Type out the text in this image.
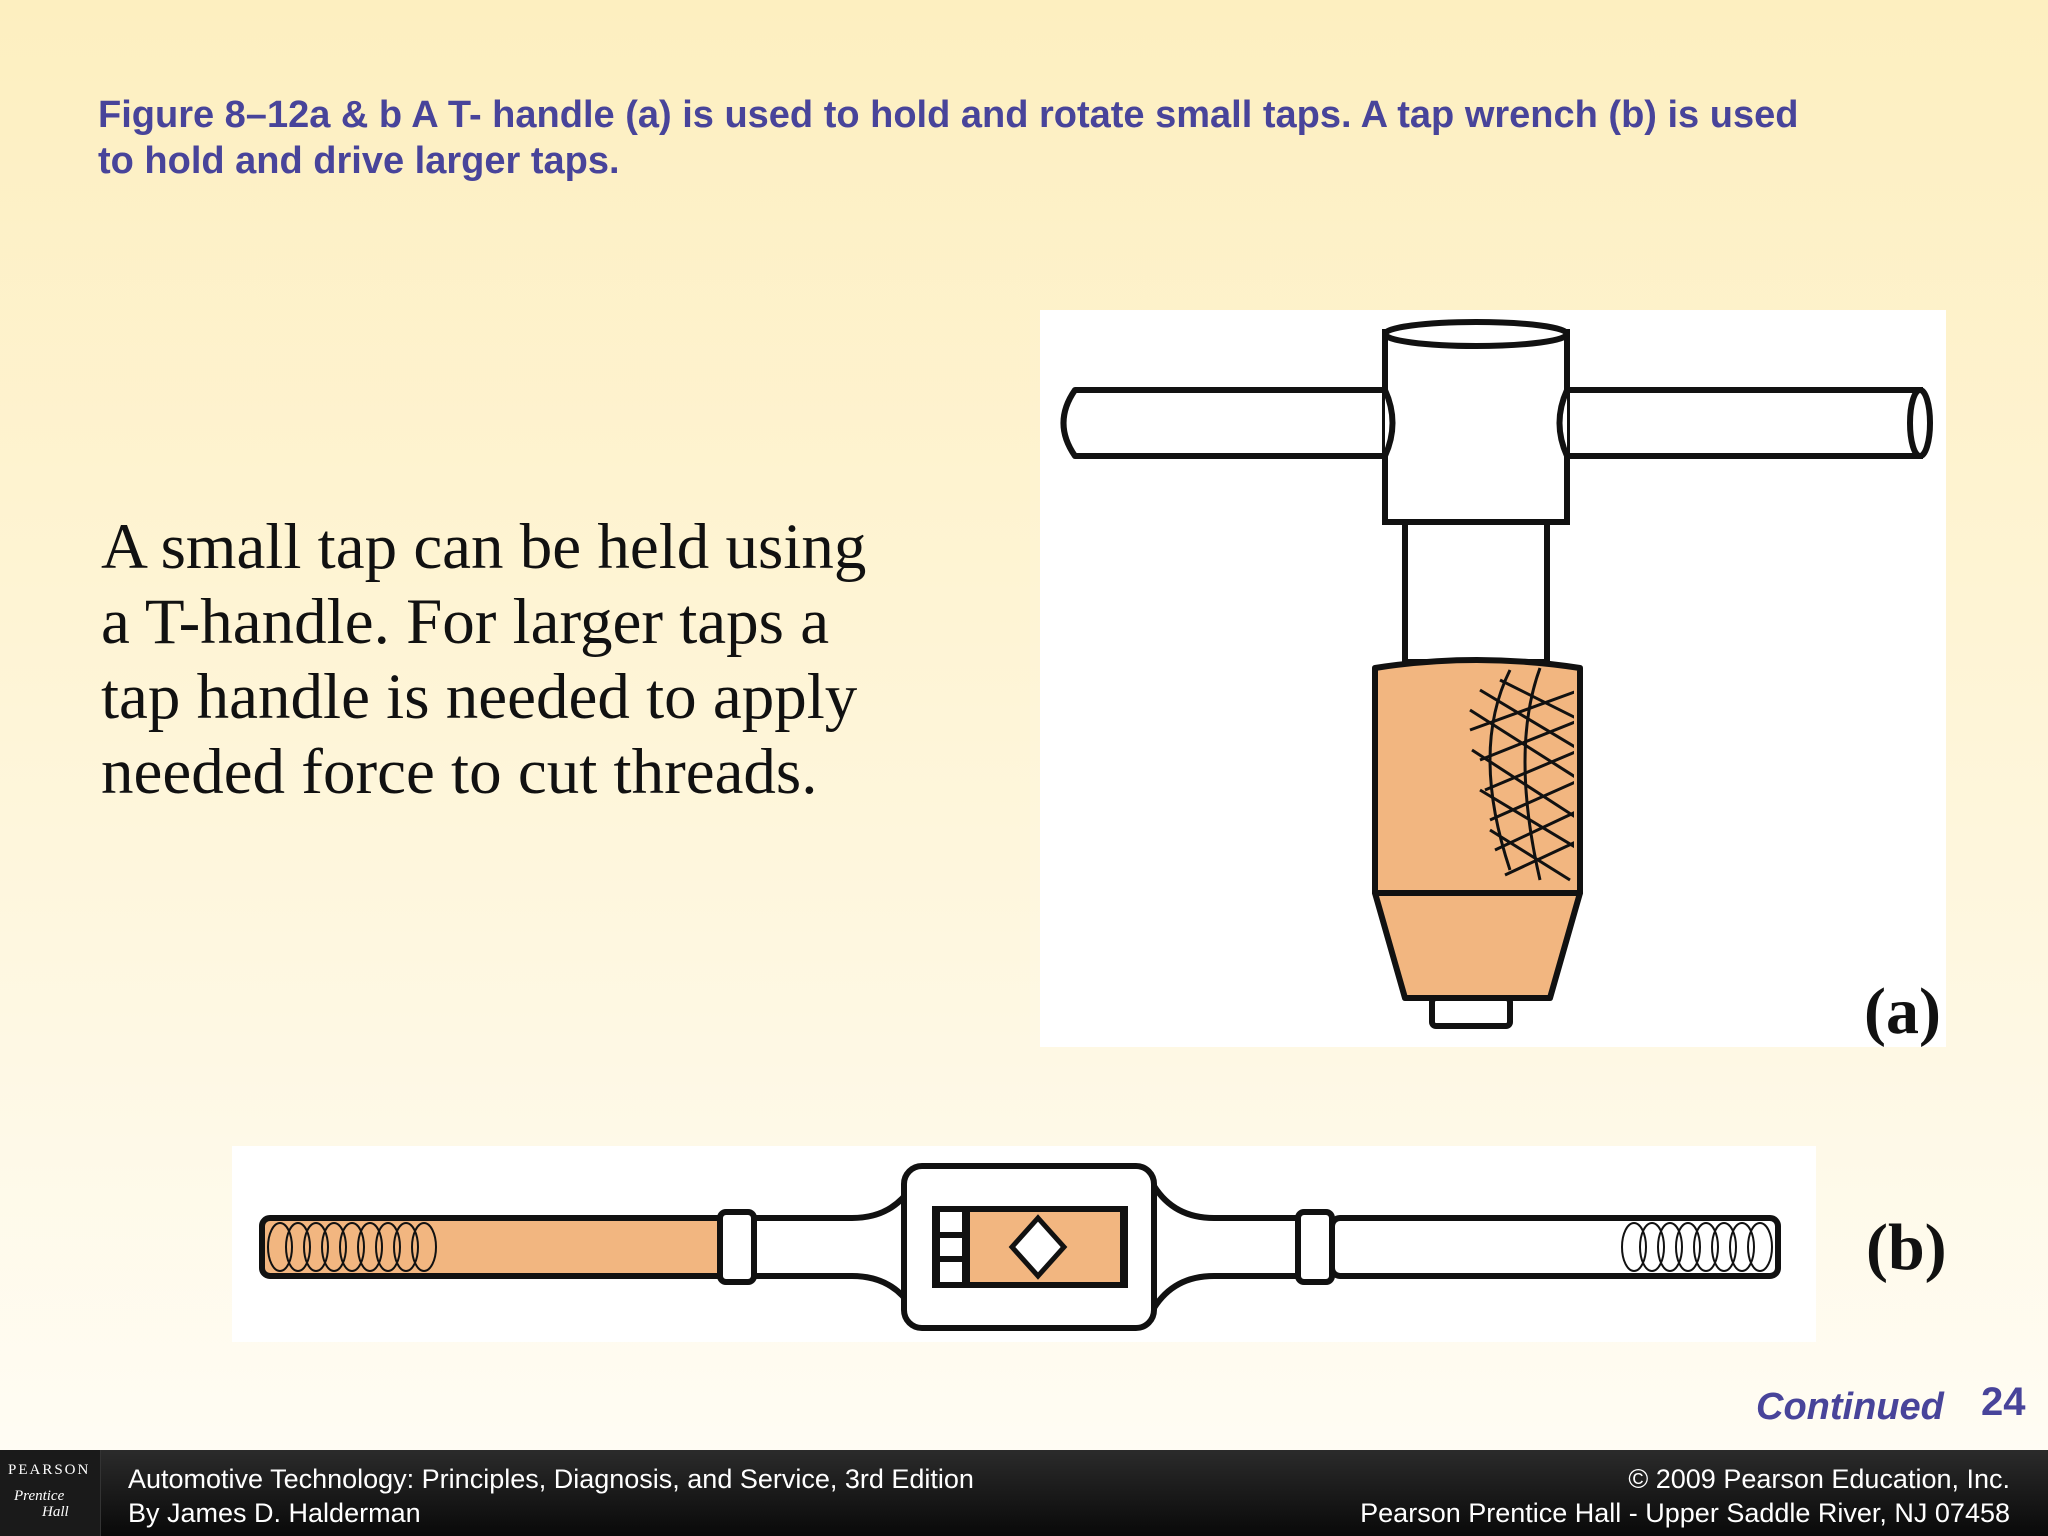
Figure 8–12a & b A T- handle (a) is used to hold and rotate small taps. A tap wrench (b) is used
to hold and drive larger taps.
A small tap can be held using
a T-handle. For larger taps a
tap handle is needed to apply
needed force to cut threads.
(a)
(b)
Continued 24
PEARSON
Prentice
Hall
Automotive Technology: Principles, Diagnosis, and Service, 3rd Edition
By James D. Halderman
© 2009 Pearson Education, Inc.
Pearson Prentice Hall - Upper Saddle River, NJ 07458
